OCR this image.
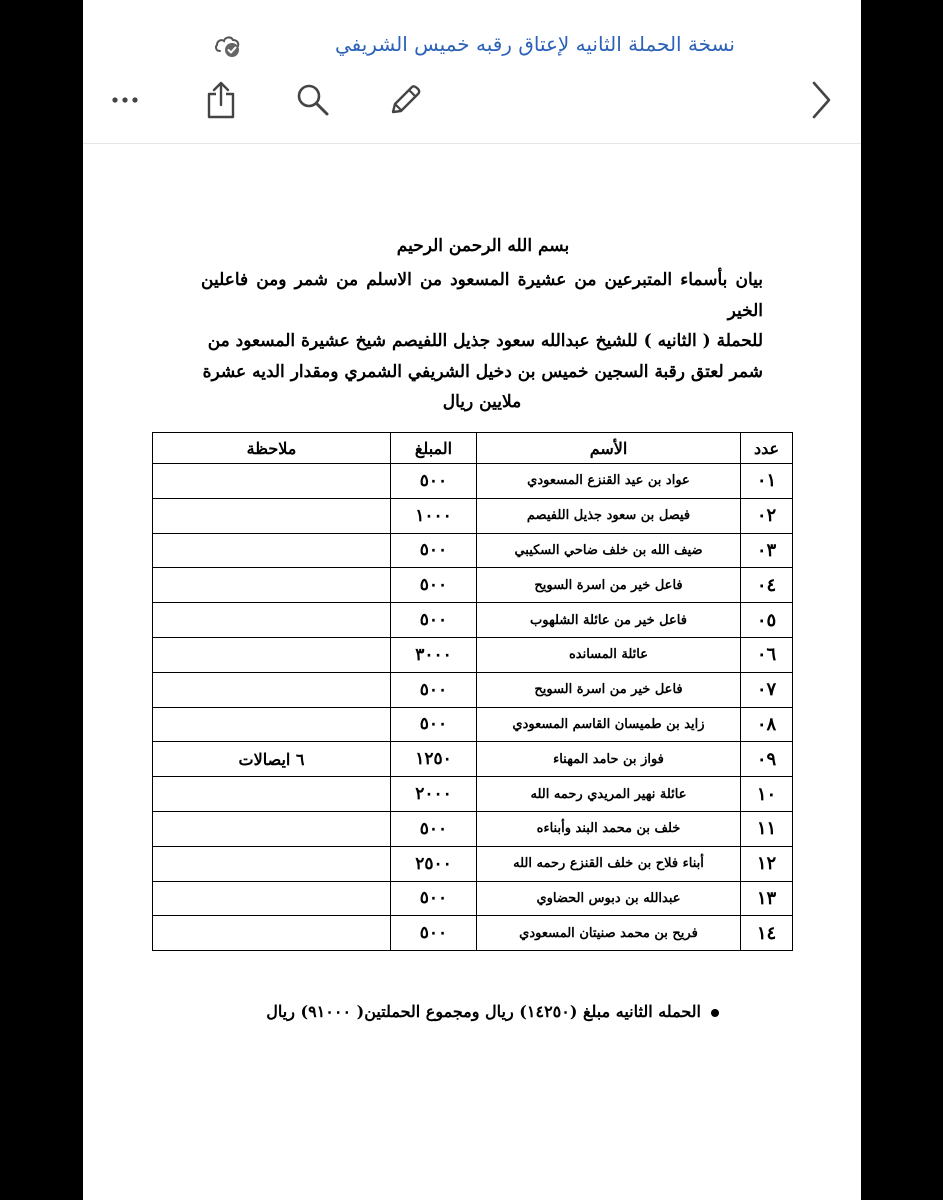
نسخة الحملة الثانيه لإعتاق رقبه خميس الشريفي
بسم الله الرحمن الرحيم
بيان بأسماء المتبرعين من عشيرة المسعود من الاسلم من شمر ومن فاعلين الخير
للحملة ( الثانيه ) للشيخ عبدالله سعود جذيل اللفيصم شيخ عشيرة المسعود من
شمر لعتق رقبة السجين خميس بن دخيل الشريفي الشمري ومقدار الديه عشرة
ملايين ريال
عدد	الأسم	المبلغ	ملاحظة
٠١	عواد بن عيد القنزع المسعودي	٥٠٠	
٠٢	فيصل بن سعود جذيل اللفيصم	١٠٠٠	
٠٣	ضيف الله بن خلف ضاحي السكيبي	٥٠٠	
٠٤	فاعل خير من اسرة السويح	٥٠٠	
٠٥	فاعل خير من عائلة الشلهوب	٥٠٠	
٠٦	عائلة المسانده	٣٠٠٠	
٠٧	فاعل خير من اسرة السويح	٥٠٠	
٠٨	زايد بن طميسان القاسم المسعودي	٥٠٠	
٠٩	فواز بن حامد المهناء	١٢٥٠	٦ ايصالات
١٠	عائلة نهير المريدي رحمه الله	٢٠٠٠	
١١	خلف بن محمد البند وأبناءه	٥٠٠	
١٢	أبناء فلاح بن خلف القنزع رحمه الله	٢٥٠٠	
١٣	عبدالله بن دبوس الحضاوي	٥٠٠	
١٤	فريح بن محمد صنيتان المسعودي	٥٠٠	
الحمله الثانيه مبلغ (١٤٢٥٠) ريال ومجموع الحملتين( ٩١٠٠٠) ريال
